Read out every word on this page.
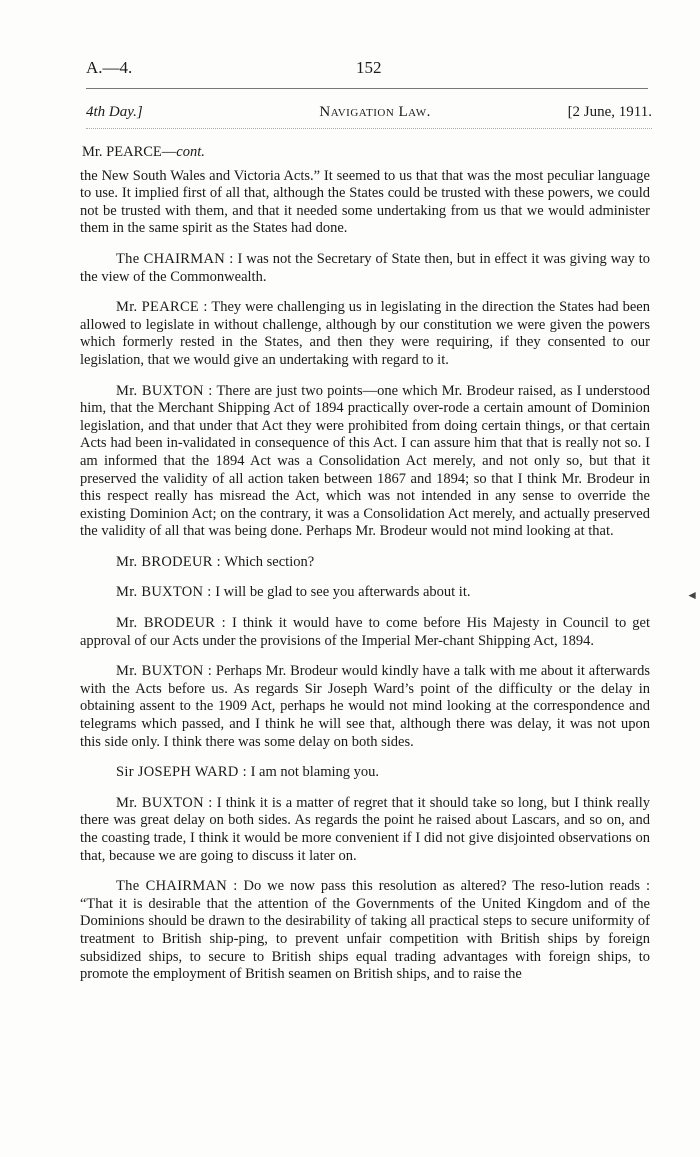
A.—4.	152
4th Day.]	Navigation Law.	[2 June, 1911.
Mr. PEARCE—cont.

the New South Wales and Victoria Acts.” It seemed to us that that was the most peculiar language to use. It implied first of all that, although the States could be trusted with these powers, we could not be trusted with them, and that it needed some undertaking from us that we would administer them in the same spirit as the States had done.

The CHAIRMAN : I was not the Secretary of State then, but in effect it was giving way to the view of the Commonwealth.

Mr. PEARCE : They were challenging us in legislating in the direction the States had been allowed to legislate in without challenge, although by our constitution we were given the powers which formerly rested in the States, and then they were requiring, if they consented to our legislation, that we would give an undertaking with regard to it.

Mr. BUXTON : There are just two points—one which Mr. Brodeur raised, as I understood him, that the Merchant Shipping Act of 1894 practically over-rode a certain amount of Dominion legislation, and that under that Act they were prohibited from doing certain things, or that certain Acts had been in-validated in consequence of this Act. I can assure him that that is really not so. I am informed that the 1894 Act was a Consolidation Act merely, and not only so, but that it preserved the validity of all action taken between 1867 and 1894; so that I think Mr. Brodeur in this respect really has misread the Act, which was not intended in any sense to override the existing Dominion Act; on the contrary, it was a Consolidation Act merely, and actually preserved the validity of all that was being done. Perhaps Mr. Brodeur would not mind looking at that.

Mr. BRODEUR : Which section?

Mr. BUXTON : I will be glad to see you afterwards about it.

Mr. BRODEUR : I think it would have to come before His Majesty in Council to get approval of our Acts under the provisions of the Imperial Mer-chant Shipping Act, 1894.

Mr. BUXTON : Perhaps Mr. Brodeur would kindly have a talk with me about it afterwards with the Acts before us. As regards Sir Joseph Ward’s point of the difficulty or the delay in obtaining assent to the 1909 Act, perhaps he would not mind looking at the correspondence and telegrams which passed, and I think he will see that, although there was delay, it was not upon this side only. I think there was some delay on both sides.

Sir JOSEPH WARD : I am not blaming you.

Mr. BUXTON : I think it is a matter of regret that it should take so long, but I think really there was great delay on both sides. As regards the point he raised about Lascars, and so on, and the coasting trade, I think it would be more convenient if I did not give disjointed observations on that, because we are going to discuss it later on.

The CHAIRMAN : Do we now pass this resolution as altered? The reso-lution reads : “That it is desirable that the attention of the Governments of the United Kingdom and of the Dominions should be drawn to the desirability of taking all practical steps to secure uniformity of treatment to British ship-ping, to prevent unfair competition with British ships by foreign subsidized ships, to secure to British ships equal trading advantages with foreign ships, to promote the employment of British seamen on British ships, and to raise the

◄
